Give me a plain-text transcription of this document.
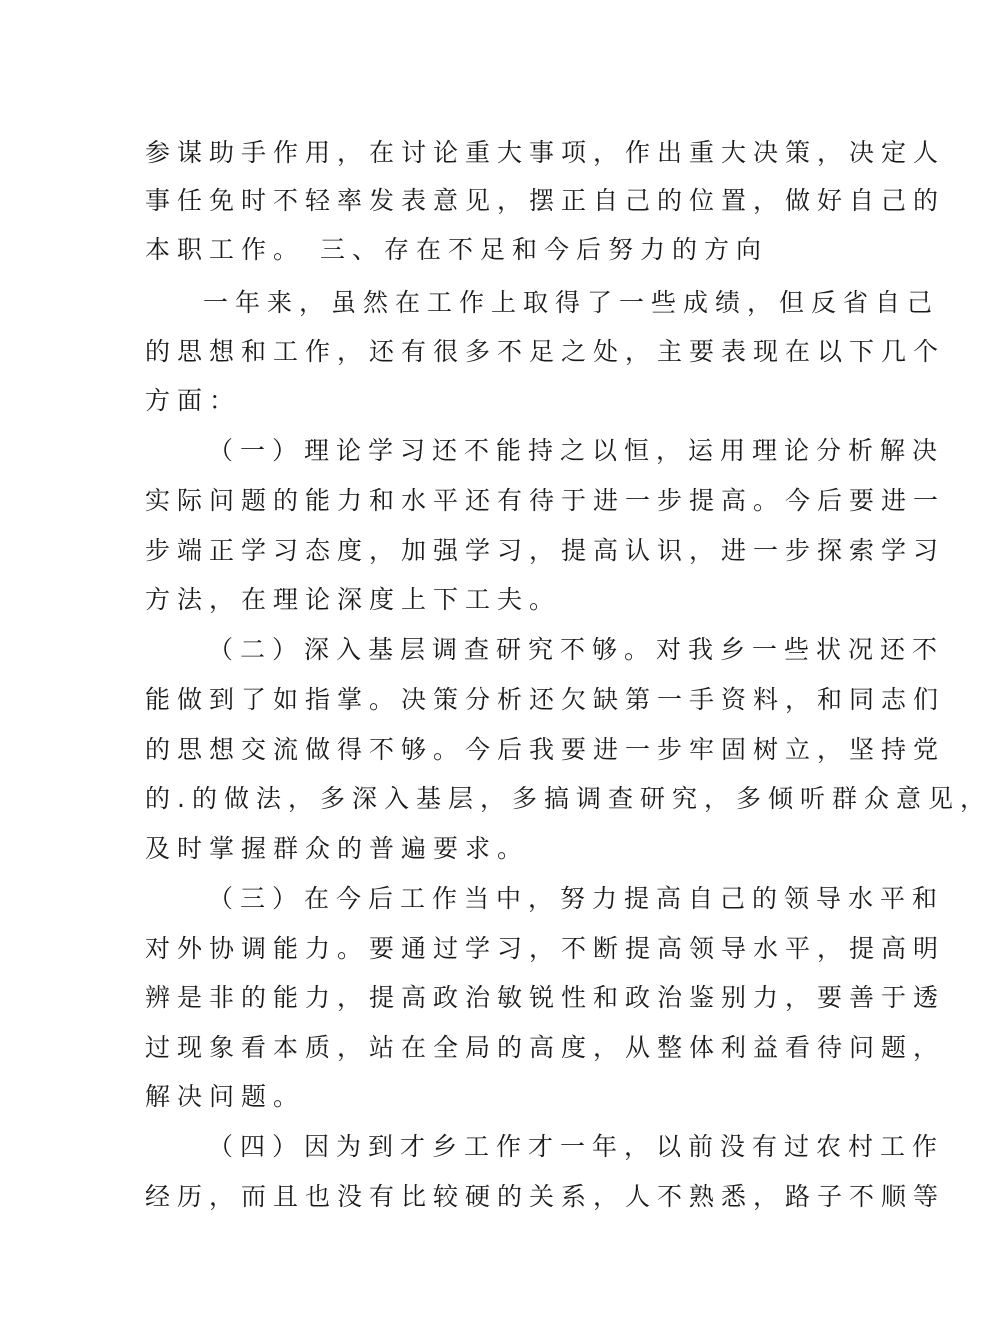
参谋助手作用，在讨论重大事项，作出重大决策，决定人
事任免时不轻率发表意见，摆正自己的位置，做好自己的
本职工作。 三、存在不足和今后努力的方向
一年来，虽然在工作上取得了一些成绩，但反省自己
的思想和工作，还有很多不足之处，主要表现在以下几个
方面：
（一）理论学习还不能持之以恒，运用理论分析解决
实际问题的能力和水平还有待于进一步提高。今后要进一
步端正学习态度，加强学习，提高认识，进一步探索学习
方法，在理论深度上下工夫。
（二）深入基层调查研究不够。对我乡一些状况还不
能做到了如指掌。决策分析还欠缺第一手资料，和同志们
的思想交流做得不够。今后我要进一步牢固树立，坚持党
的.的做法，多深入基层，多搞调查研究，多倾听群众意见，
及时掌握群众的普遍要求。
（三）在今后工作当中，努力提高自己的领导水平和
对外协调能力。要通过学习，不断提高领导水平，提高明
辨是非的能力，提高政治敏锐性和政治鉴别力，要善于透
过现象看本质，站在全局的高度，从整体利益看待问题，
解决问题。
（四）因为到才乡工作才一年，以前没有过农村工作
经历，而且也没有比较硬的关系，人不熟悉，路子不顺等
